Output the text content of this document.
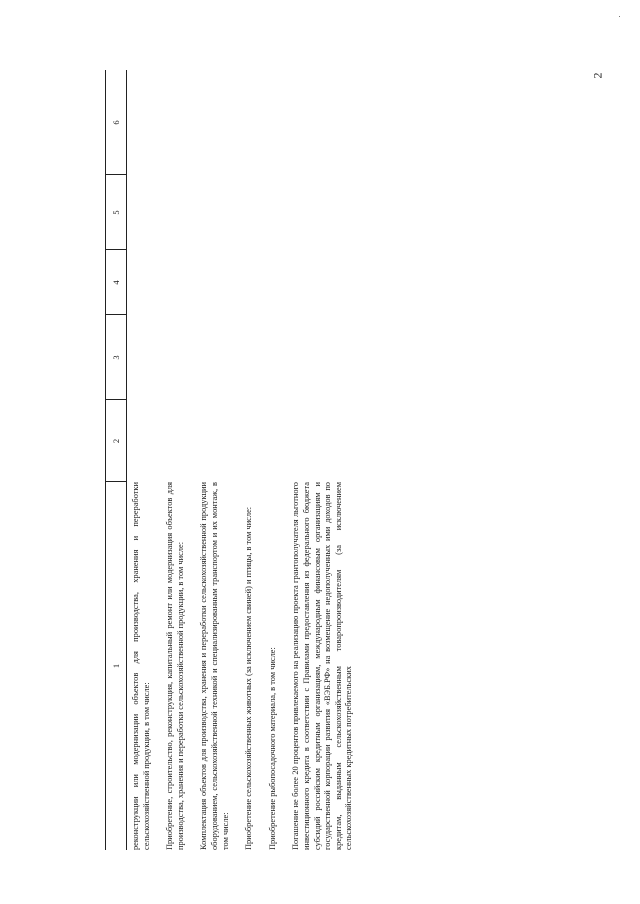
2
1
2
3
4
5
6

реконструкции или модернизации объектов для производства, хранения и переработки сельскохозяйственной продукции, в том числе: Приобретение, строительство, реконструкция, капитальный ремонт или модернизация объектов для производства, хранения и переработки сельскохозяйственной продукции, в том числе: Комплектация объектов для производства, хранения и переработки сельскохозяйственной продукции оборудованием, сельскохозяйственной техникой и специализированным транспортом и их монтаж, в том числе: Приобретение сельскохозяйственных животных (за исключением свиней) и птицы, в том числе: Приобретение рыбопосадочного материала, в том числе: Погашение не более 20 процентов привлекаемого на реализацию проекта грантополучателя льготного инвестиционного кредита в соответствии с Правилами предоставления из федерального бюджета субсидий российским кредитным организациям, международным финансовым организациям и государственной корпорации развития «ВЭБ.РФ» на возмещение недополученных ими доходов по кредитам, выданным сельскохозяйственным товаропроизводителям (за исключением сельскохозяйственных кредитных потребительских
